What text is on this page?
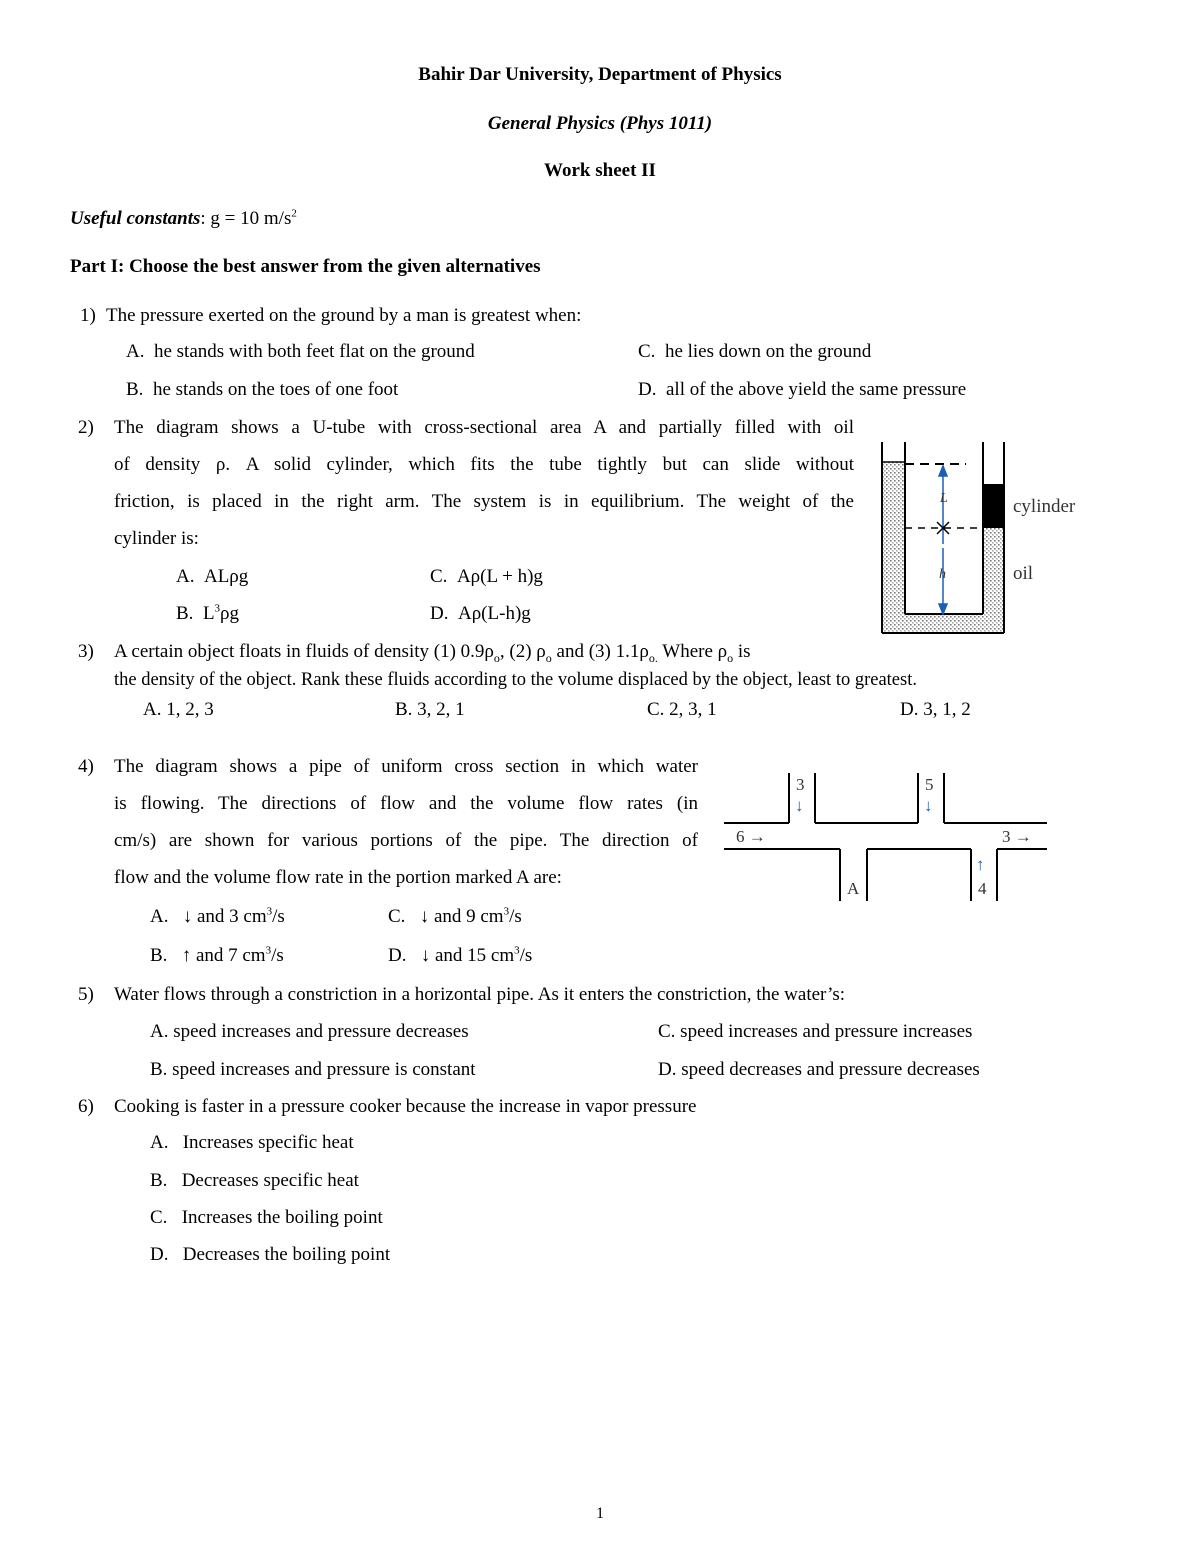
Bahir Dar University, Department of Physics
General Physics (Phys 1011)
Work sheet II
Useful constants: g = 10 $m/s^2$
Part I: Choose the best answer from the given alternatives
1) The pressure exerted on the ground by a man is greatest when:
A. he stands with both feet flat on the ground
B. he stands on the toes of one foot
C. he lies down on the ground
D. all of the above yield the same pressure
2) The diagram shows a U-tube with cross-sectional area A and partially filled with oil
of density ρ. A solid cylinder, which fits the tube tightly but can slide without
friction, is placed in the right arm. The system is in equilibrium. The weight of the
cylinder is:
A. ALρg
B. $L^3\rho g$
C. Aρ(L + h)g
D. Aρ(L-h)g
L
h
cylinder
oil
3) A certain object floats in fluids of density (1) $0.9\rho_o$, (2) $\rho_o$ and (3) $1.1\rho_{o.}$ Where $\rho_o$ is
the density of the object. Rank these fluids according to the volume displaced by the object, least to greatest.
A. 1, 2, 3	B. 3, 2, 1	C. 2, 3, 1	D. 3, 1, 2
4) The diagram shows a pipe of uniform cross section in which water
is flowing. The directions of flow and the volume flow rates (in
cm/s) are shown for various portions of the pipe. The direction of
flow and the volume flow rate in the portion marked A are:
A. ↓ and 3 $cm^3/s$
B. ↑ and 7 $cm^3/s$
C. ↓ and 9 $cm^3/s$
D. ↓ and 15 $cm^3/s$
6 →	3 →
3
↓
5
↓
↑
4
A
5) Water flows through a constriction in a horizontal pipe. As it enters the constriction, the water’s:
A. speed increases and pressure decreases
B. speed increases and pressure is constant
C. speed increases and pressure increases
D. speed decreases and pressure decreases
6) Cooking is faster in a pressure cooker because the increase in vapor pressure
A. Increases specific heat
B. Decreases specific heat
C. Increases the boiling point
D. Decreases the boiling point
1
